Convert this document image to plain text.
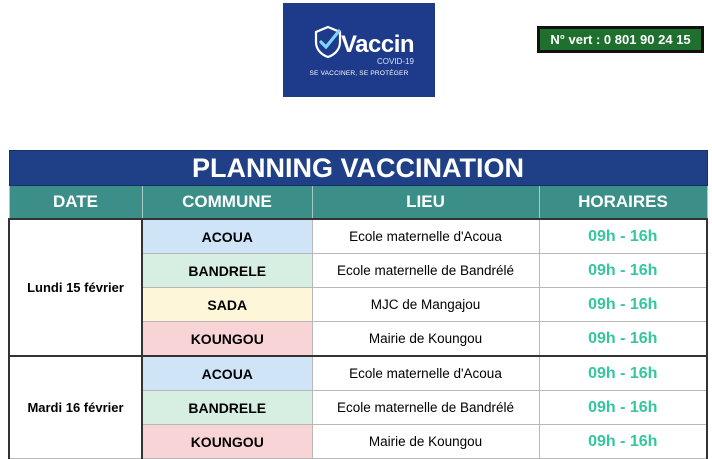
Vaccin
COVID-19
SE VACCINER, SE PROTÉGER
N° vert : 0 801 90 24 15
PLANNING VACCINATION			
DATE	COMMUNE	LIEU	HORAIRES
Lundi 15 février	ACOUA	Ecole maternelle d'Acoua	09h - 16h
	BANDRELE	Ecole maternelle de Bandrélé	09h - 16h
	SADA	MJC de Mangajou	09h - 16h
	KOUNGOU	Mairie de Koungou	09h - 16h
Mardi 16 février	ACOUA	Ecole maternelle d'Acoua	09h - 16h
	BANDRELE	Ecole maternelle de Bandrélé	09h - 16h
	KOUNGOU	Mairie de Koungou	09h - 16h
